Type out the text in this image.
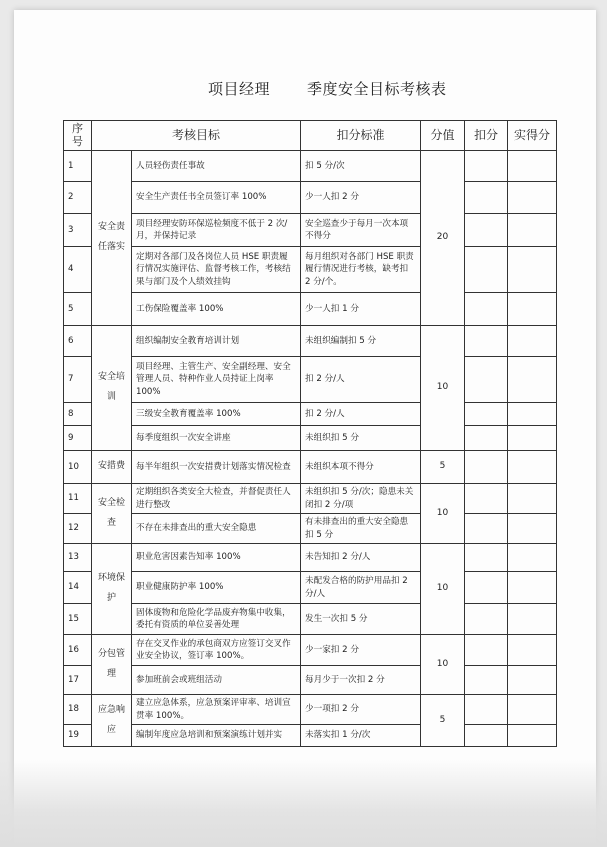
项目经理 季度安全目标考核表
序号	考核目标		扣分标准	分值	扣分	实得分
1	安全责任落实	人员轻伤责任事故	扣 5 分/次	20		
2		安全生产责任书全员签订率 100%	少一人扣 2 分			
3		项目经理安防环保巡检频度不低于 2 次/月，并保持记录	安全巡查少于每月一次本项不得分			
4		定期对各部门及各岗位人员 HSE 职责履行情况实施评估、监督考核工作，考核结果与部门及个人绩效挂钩	每月组织对各部门 HSE 职责履行情况进行考核，缺考扣 2 分/个。			
5		工伤保险覆盖率 100%	少一人扣 1 分			
6	安全培训	组织编制安全教育培训计划	未组织编制扣 5 分	10		
7		项目经理、主管生产、安全副经理、安全管理人员、特种作业人员持证上岗率 100%	扣 2 分/人			
8		三级安全教育覆盖率 100%	扣 2 分/人			
9		每季度组织一次安全讲座	未组织扣 5 分			
10	安措费	每半年组织一次安措费计划落实情况检查	未组织本项不得分	5		
11	安全检查	定期组织各类安全大检查，并督促责任人进行整改	未组织扣 5 分/次；隐患未关闭扣 2 分/项	10		
12		不存在未排查出的重大安全隐患	有未排查出的重大安全隐患扣 5 分			
13	环境保护	职业危害因素告知率 100%	未告知扣 2 分/人	10		
14		职业健康防护率 100%	未配发合格的防护用品扣 2 分/人			
15		固体废物和危险化学品废弃物集中收集，委托有资质的单位妥善处理	发生一次扣 5 分			
16	分包管理	存在交叉作业的承包商双方应签订交叉作业安全协议，签订率 100%。	少一家扣 2 分	10		
17		参加班前会或班组活动	每月少于一次扣 2 分			
18	应急响应	建立应急体系，应急预案评审率、培训宣贯率 100%。	少一项扣 2 分	5		
19		编制年度应急培训和预案演练计划并实	未落实扣 1 分/次			
